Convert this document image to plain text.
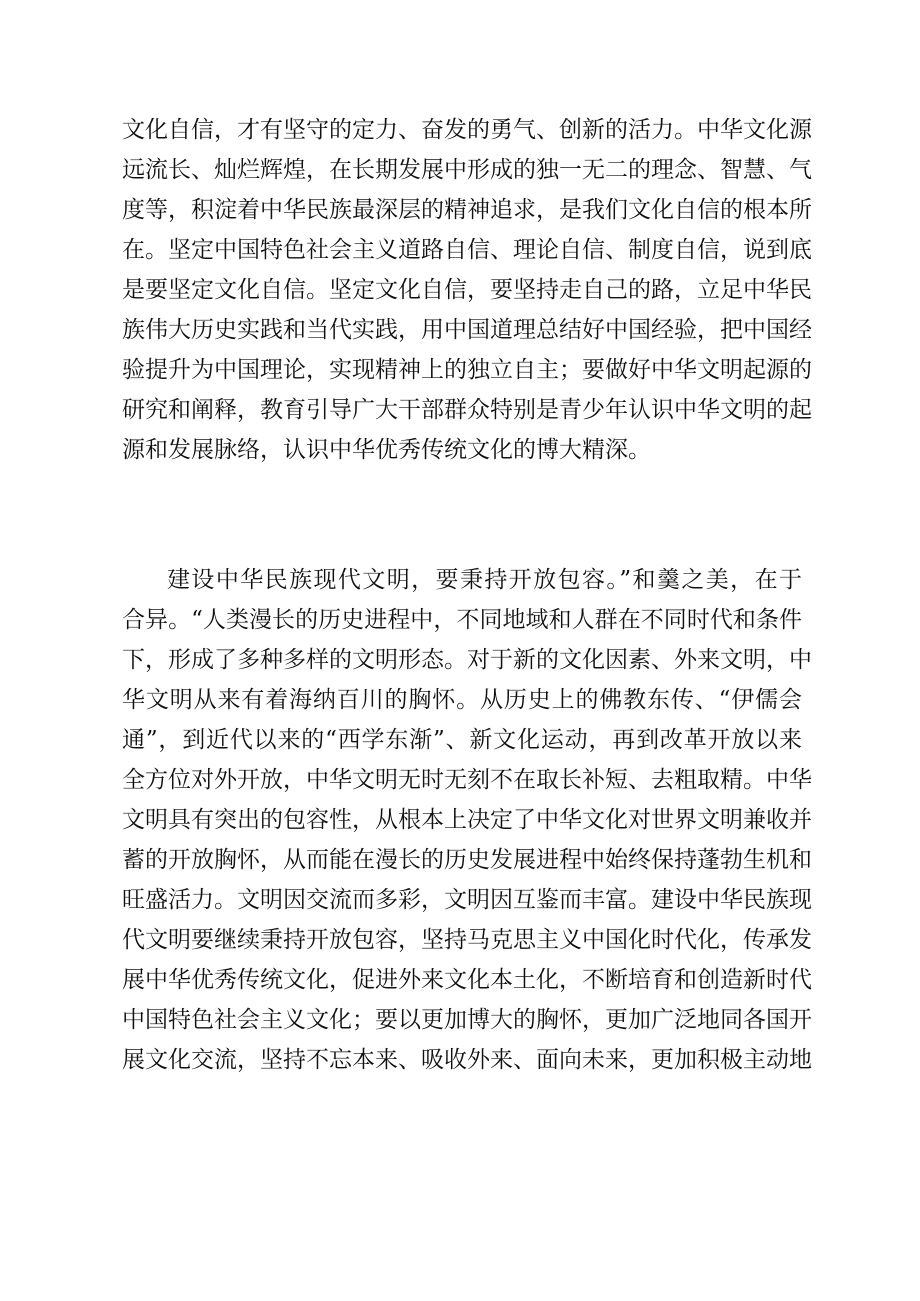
文化自信，才有坚守的定力、奋发的勇气、创新的活力。中华文化源
远流长、灿烂辉煌，在长期发展中形成的独一无二的理念、智慧、气
度等，积淀着中华民族最深层的精神追求，是我们文化自信的根本所
在。坚定中国特色社会主义道路自信、理论自信、制度自信，说到底
是要坚定文化自信。坚定文化自信，要坚持走自己的路，立足中华民
族伟大历史实践和当代实践，用中国道理总结好中国经验，把中国经
验提升为中国理论，实现精神上的独立自主；要做好中华文明起源的
研究和阐释，教育引导广大干部群众特别是青少年认识中华文明的起
源和发展脉络，认识中华优秀传统文化的博大精深。
建设中华民族现代文明，要秉持开放包容。”和羹之美，在于
合异。“人类漫长的历史进程中，不同地域和人群在不同时代和条件
下，形成了多种多样的文明形态。对于新的文化因素、外来文明，中
华文明从来有着海纳百川的胸怀。从历史上的佛教东传、“伊儒会
通”，到近代以来的“西学东渐”、新文化运动，再到改革开放以来
全方位对外开放，中华文明无时无刻不在取长补短、去粗取精。中华
文明具有突出的包容性，从根本上决定了中华文化对世界文明兼收并
蓄的开放胸怀，从而能在漫长的历史发展进程中始终保持蓬勃生机和
旺盛活力。文明因交流而多彩，文明因互鉴而丰富。建设中华民族现
代文明要继续秉持开放包容，坚持马克思主义中国化时代化，传承发
展中华优秀传统文化，促进外来文化本土化，不断培育和创造新时代
中国特色社会主义文化；要以更加博大的胸怀，更加广泛地同各国开
展文化交流，坚持不忘本来、吸收外来、面向未来，更加积极主动地
